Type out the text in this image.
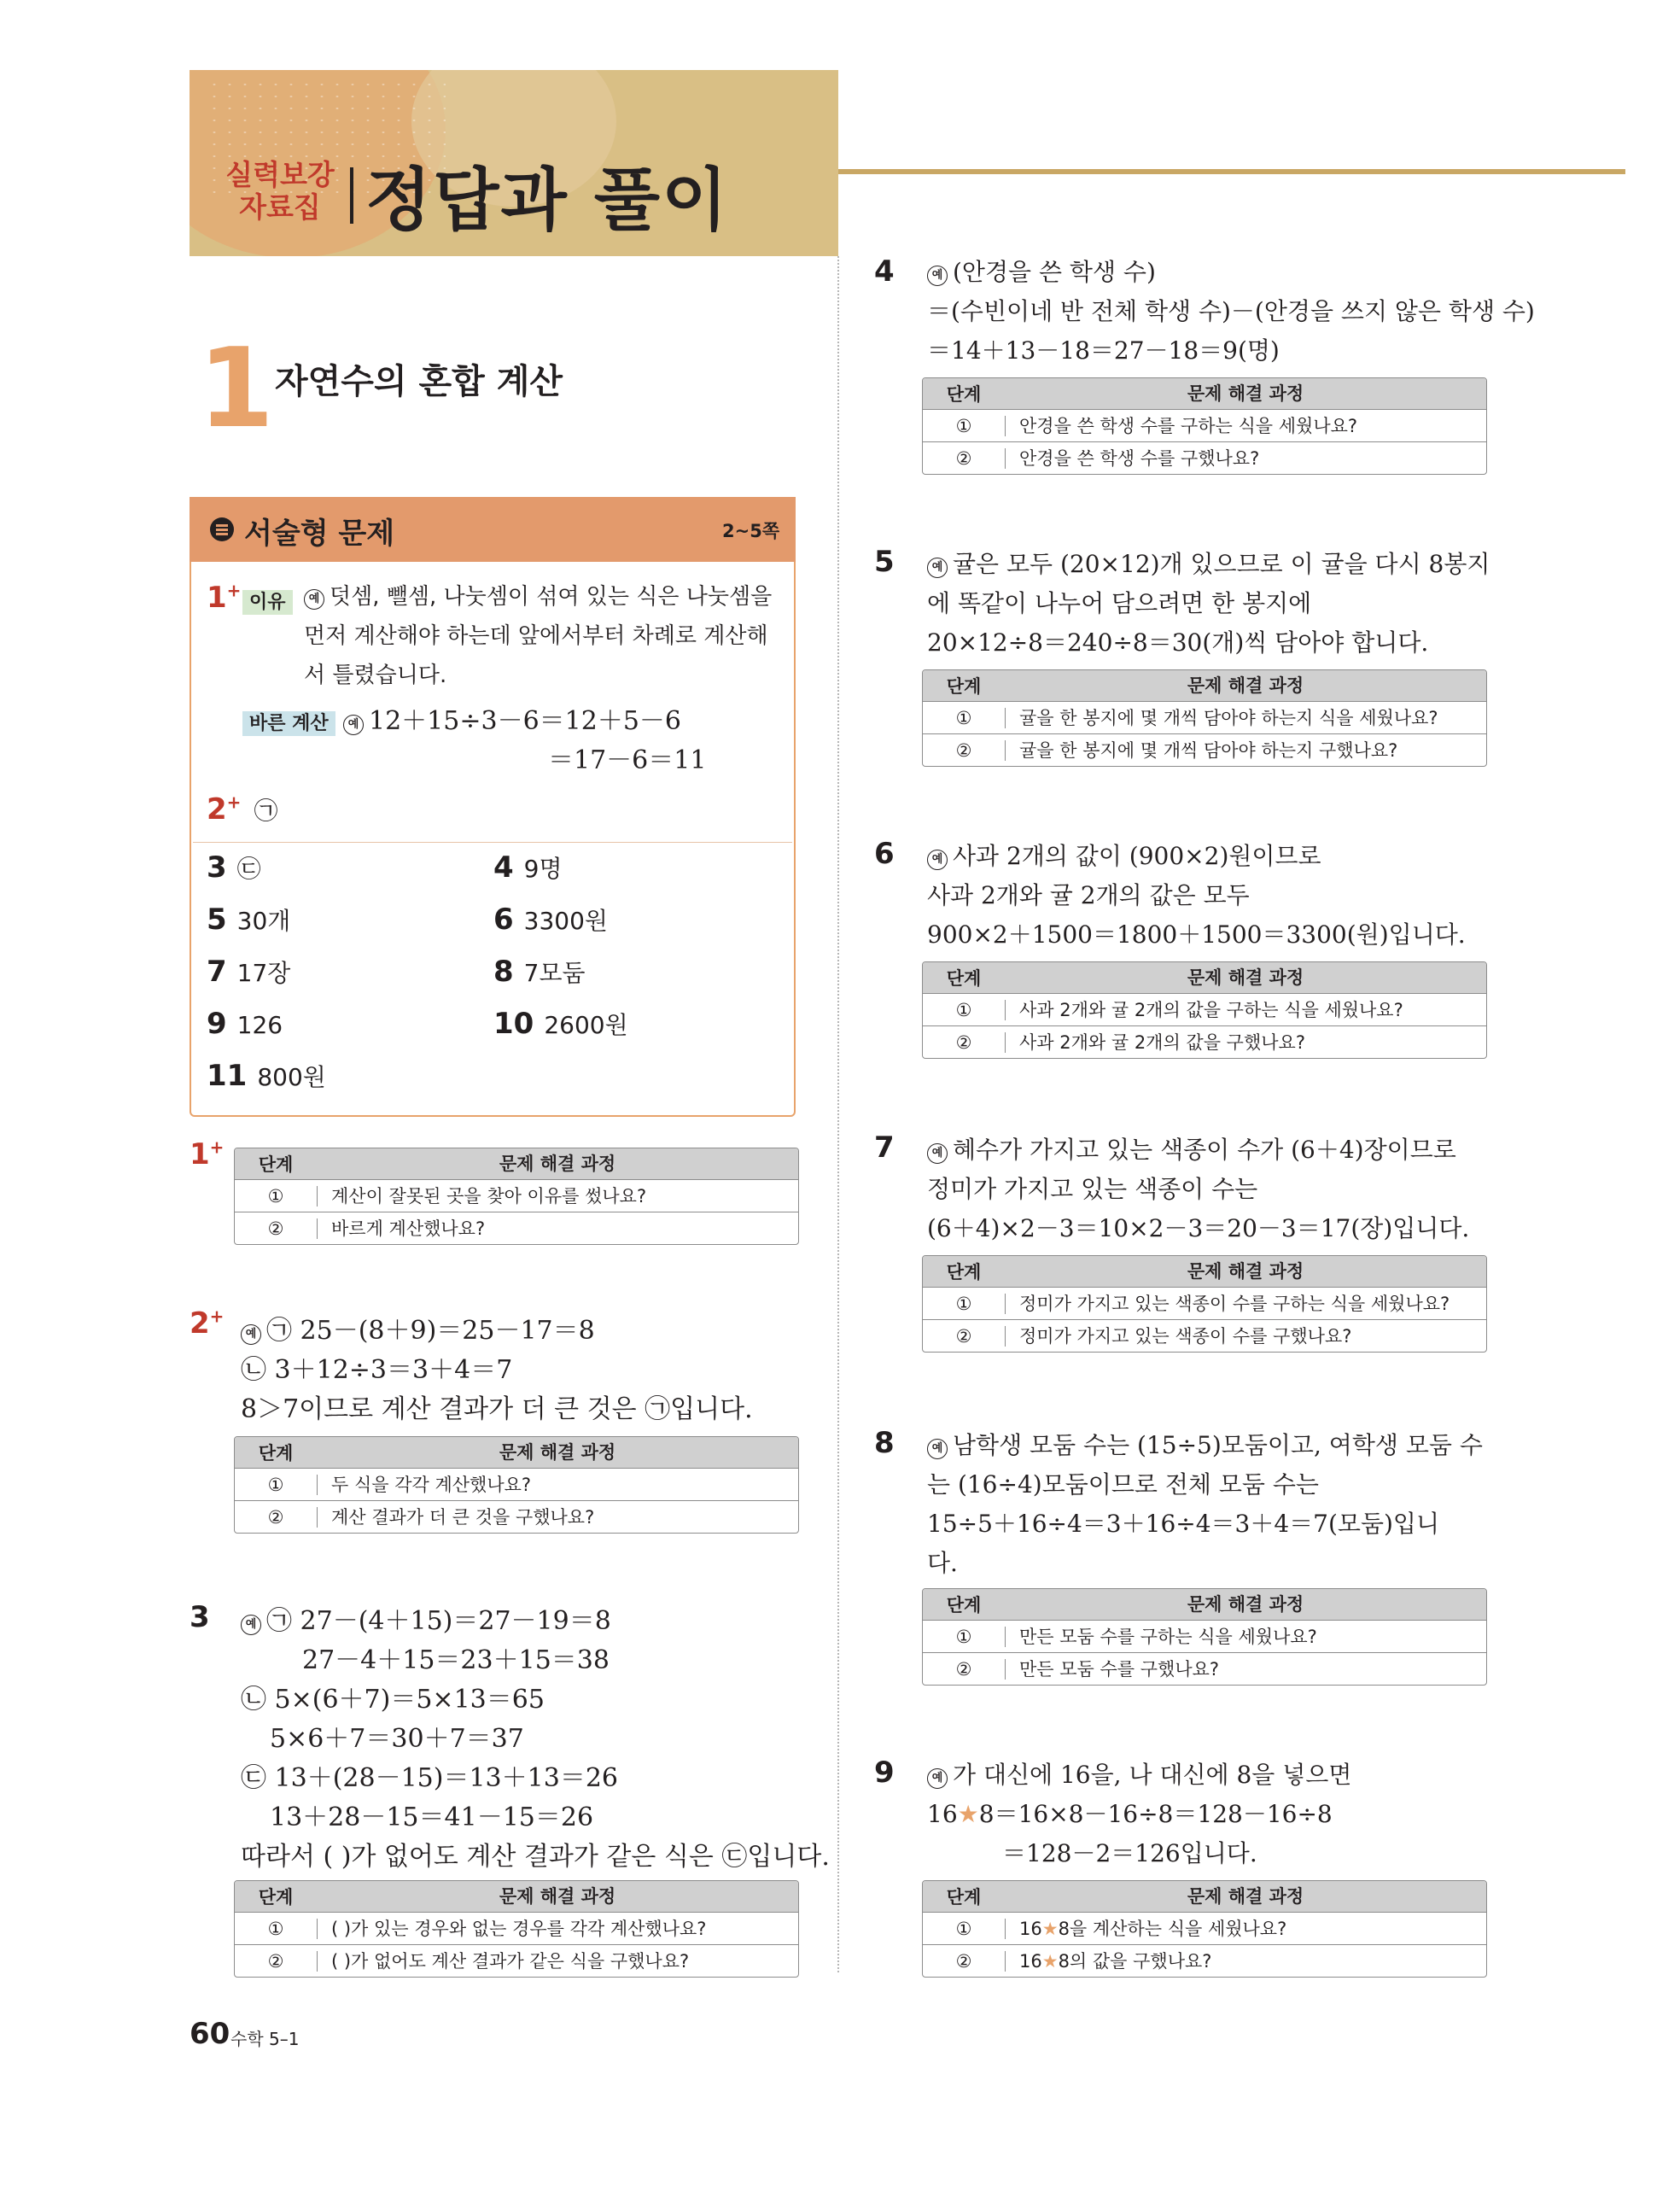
실력보강
자료집 정답과 풀이
1 자연수의 혼합 계산
서술형 문제	2~5쪽
1+
이유	예 덧셈, 뺄셈, 나눗셈이 섞여 있는 식은 나눗셈을
먼저 계산해야 하는데 앞에서부터 차례로 계산해
서 틀렸습니다.
바른 계산	예 12＋15÷3－6＝12＋5－6
＝17－6＝11
2+ ㉠
3 ㉢	4 9명
5 30개	6 3300원
7 17장	8 7모둠
9 126	10 2600원
11 800원
1+
단계	문제 해결 과정
①	계산이 잘못된 곳을 찾아 이유를 썼나요?
②	바르게 계산했나요?
2+
예 ㉠ 25－(8＋9)＝25－17＝8
㉡ 3＋12÷3＝3＋4＝7
8＞7이므로 계산 결과가 더 큰 것은 ㉠입니다.
단계	문제 해결 과정
①	두 식을 각각 계산했나요?
②	계산 결과가 더 큰 것을 구했나요?
3	예 ㉠ 27－(4＋15)＝27－19＝8
27－4＋15＝23＋15＝38
㉡ 5×(6＋7)＝5×13＝65
5×6＋7＝30＋7＝37
㉢ 13＋(28－15)＝13＋13＝26
13＋28－15＝41－15＝26
따라서 ( )가 없어도 계산 결과가 같은 식은 ㉢입니다.
단계	문제 해결 과정
①	( )가 있는 경우와 없는 경우를 각각 계산했나요?
②	( )가 없어도 계산 결과가 같은 식을 구했나요?
4	예 (안경을 쓴 학생 수)
＝(수빈이네 반 전체 학생 수)－(안경을 쓰지 않은 학생 수)
＝14＋13－18＝27－18＝9(명)
단계	문제 해결 과정
①	안경을 쓴 학생 수를 구하는 식을 세웠나요?
②	안경을 쓴 학생 수를 구했나요?
5	예 귤은 모두 (20×12)개 있으므로 이 귤을 다시 8봉지
에 똑같이 나누어 담으려면 한 봉지에
20×12÷8＝240÷8＝30(개)씩 담아야 합니다.
단계	문제 해결 과정
①	귤을 한 봉지에 몇 개씩 담아야 하는지 식을 세웠나요?
②	귤을 한 봉지에 몇 개씩 담아야 하는지 구했나요?
6	예 사과 2개의 값이 (900×2)원이므로
사과 2개와 귤 2개의 값은 모두
900×2＋1500＝1800＋1500＝3300(원)입니다.
단계	문제 해결 과정
①	사과 2개와 귤 2개의 값을 구하는 식을 세웠나요?
②	사과 2개와 귤 2개의 값을 구했나요?
7	예 혜수가 가지고 있는 색종이 수가 (6＋4)장이므로
정미가 가지고 있는 색종이 수는
(6＋4)×2－3＝10×2－3＝20－3＝17(장)입니다.
단계	문제 해결 과정
①	정미가 가지고 있는 색종이 수를 구하는 식을 세웠나요?
②	정미가 가지고 있는 색종이 수를 구했나요?
8	예 남학생 모둠 수는 (15÷5)모둠이고, 여학생 모둠 수
는 (16÷4)모둠이므로 전체 모둠 수는
15÷5＋16÷4＝3＋16÷4＝3＋4＝7(모둠)입니
다.
단계	문제 해결 과정
①	만든 모둠 수를 구하는 식을 세웠나요?
②	만든 모둠 수를 구했나요?
9	예 가 대신에 16을, 나 대신에 8을 넣으면
16★8＝16×8－16÷8＝128－16÷8
＝128－2＝126입니다.
단계	문제 해결 과정
①	16★8을 계산하는 식을 세웠나요?
②	16★8의 값을 구했나요?
60 수학 5–1
